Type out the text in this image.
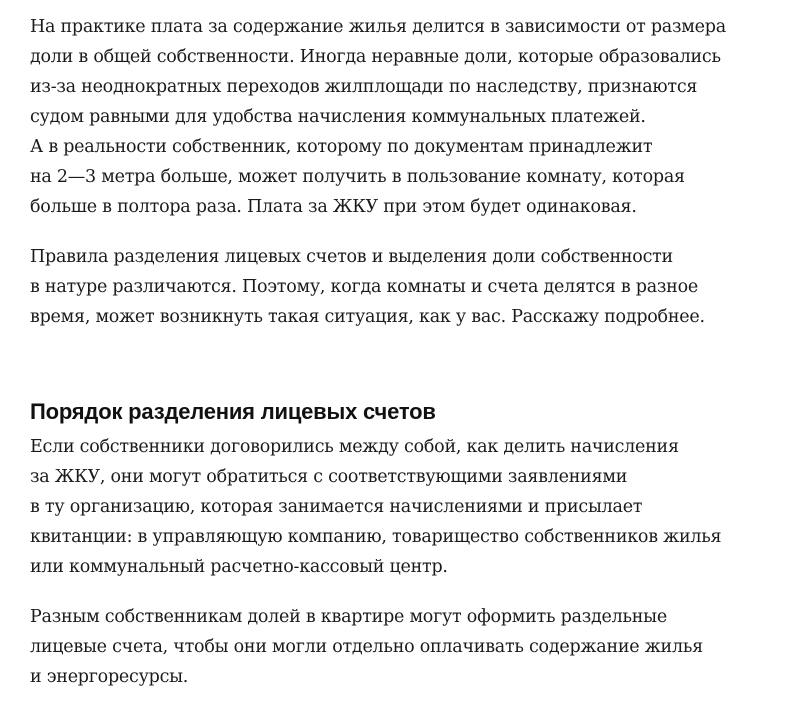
На практике плата за содержание жилья делится в зависимости от размера
доли в общей собственности. Иногда неравные доли, которые образовались
из-за неоднократных переходов жилплощади по наследству, признаются
судом равными для удобства начисления коммунальных платежей.
А в реальности собственник, которому по документам принадлежит
на 2—3 метра больше, может получить в пользование комнату, которая
больше в полтора раза. Плата за ЖКУ при этом будет одинаковая.

Правила разделения лицевых счетов и выделения доли собственности
в натуре различаются. Поэтому, когда комнаты и счета делятся в разное
время, может возникнуть такая ситуация, как у вас. Расскажу подробнее.

Порядок разделения лицевых счетов

Если собственники договорились между собой, как делить начисления
за ЖКУ, они могут обратиться с соответствующими заявлениями
в ту организацию, которая занимается начислениями и присылает
квитанции: в управляющую компанию, товарищество собственников жилья
или коммунальный расчетно-кассовый центр.

Разным собственникам долей в квартире могут оформить раздельные
лицевые счета, чтобы они могли отдельно оплачивать содержание жилья
и энергоресурсы.
